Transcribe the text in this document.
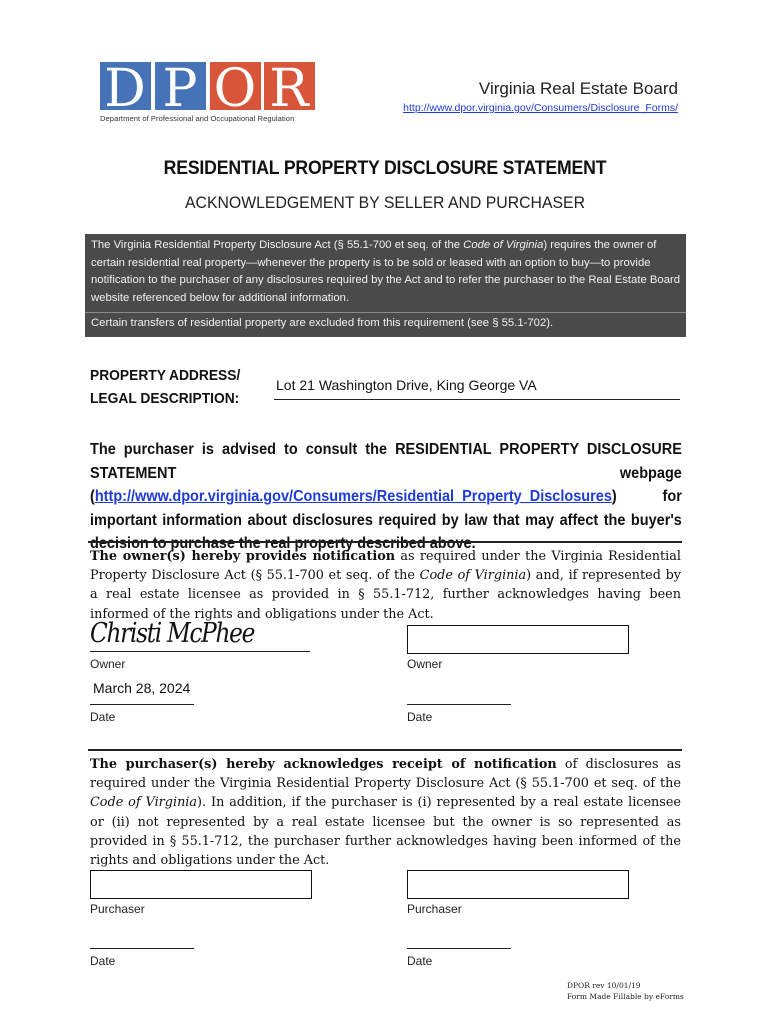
D P O R
Department of Professional and Occupational Regulation
Virginia Real Estate Board
http://www.dpor.virginia.gov/Consumers/Disclosure_Forms/
RESIDENTIAL PROPERTY DISCLOSURE STATEMENT
ACKNOWLEDGEMENT BY SELLER AND PURCHASER
The Virginia Residential Property Disclosure Act (§ 55.1-700 et seq. of the Code of Virginia) requires the owner of certain residential real property—whenever the property is to be sold or leased with an option to buy—to provide notification to the purchaser of any disclosures required by the Act and to refer the purchaser to the Real Estate Board website referenced below for additional information.
Certain transfers of residential property are excluded from this requirement (see § 55.1-702).
PROPERTY ADDRESS/
LEGAL DESCRIPTION:
Lot 21 Washington Drive, King George VA
The purchaser is advised to consult the RESIDENTIAL PROPERTY DISCLOSURE STATEMENT webpage (http://www.dpor.virginia.gov/Consumers/Residential_Property_Disclosures) for important information about disclosures required by law that may affect the buyer's decision to purchase the real property described above.
The owner(s) hereby provides notification as required under the Virginia Residential Property Disclosure Act (§ 55.1-700 et seq. of the Code of Virginia) and, if represented by a real estate licensee as provided in § 55.1-712, further acknowledges having been informed of the rights and obligations under the Act.
Christi McPhee
Owner	Owner
March 28, 2024
Date	Date
The purchaser(s) hereby acknowledges receipt of notification of disclosures as required under the Virginia Residential Property Disclosure Act (§ 55.1-700 et seq. of the Code of Virginia). In addition, if the purchaser is (i) represented by a real estate licensee or (ii) not represented by a real estate licensee but the owner is so represented as provided in § 55.1-712, the purchaser further acknowledges having been informed of the rights and obligations under the Act.
Purchaser	Purchaser
Date	Date
DPOR rev 10/01/19
Form Made Fillable by eForms
